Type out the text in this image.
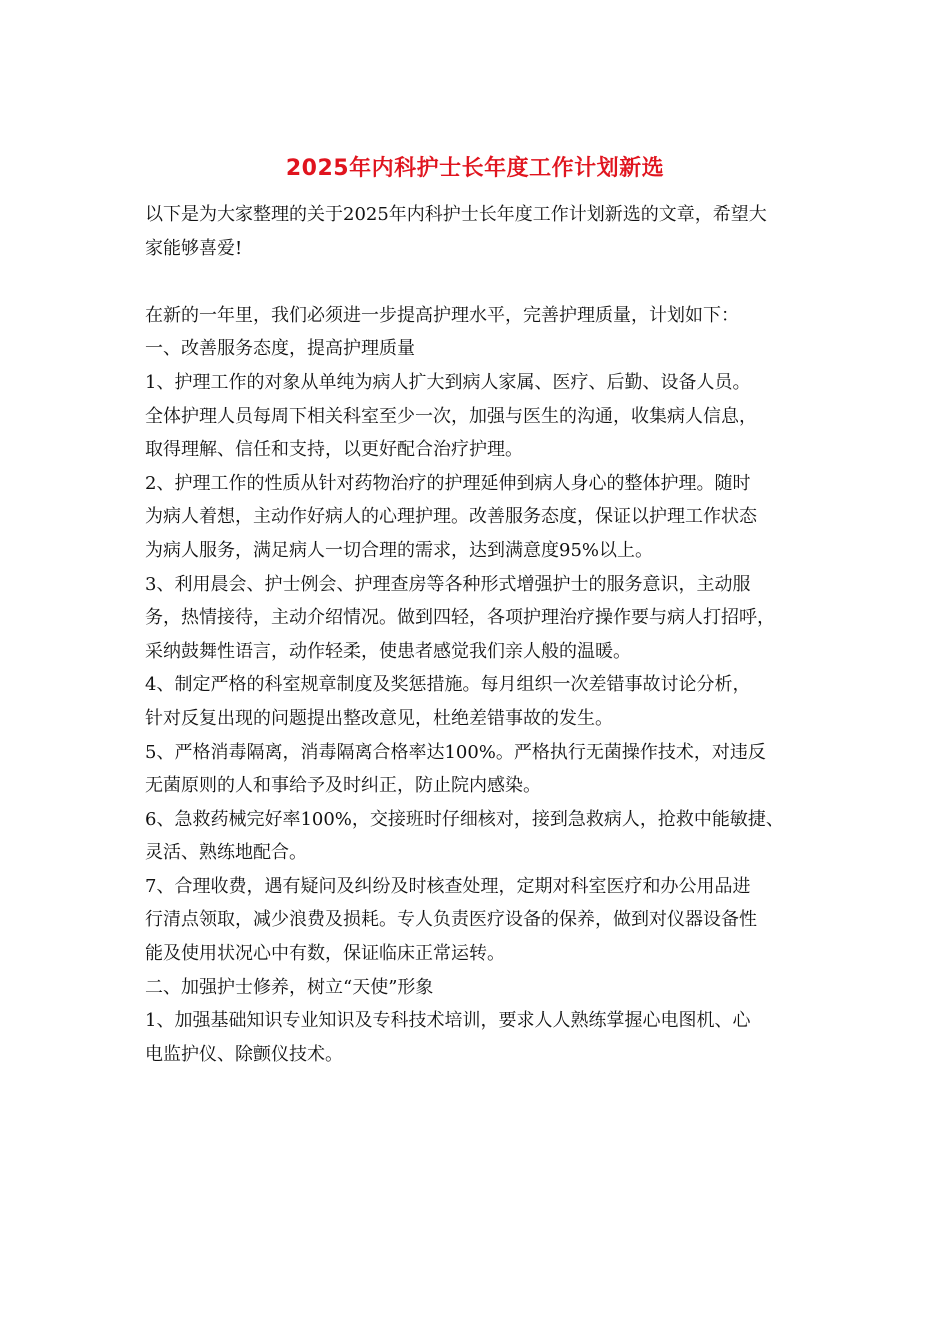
2025年内科护士长年度工作计划新选

以下是为大家整理的关于2025年内科护士长年度工作计划新选的文章，希望大
家能够喜爱!

在新的一年里，我们必须进一步提高护理水平，完善护理质量，计划如下：

一、改善服务态度，提高护理质量

1、护理工作的对象从单纯为病人扩大到病人家属、医疗、后勤、设备人员。
全体护理人员每周下相关科室至少一次，加强与医生的沟通，收集病人信息，
取得理解、信任和支持，以更好配合治疗护理。

2、护理工作的性质从针对药物治疗的护理延伸到病人身心的整体护理。随时
为病人着想，主动作好病人的心理护理。改善服务态度，保证以护理工作状态
为病人服务，满足病人一切合理的需求，达到满意度95%以上。

3、利用晨会、护士例会、护理查房等各种形式增强护士的服务意识，主动服
务，热情接待，主动介绍情况。做到四轻，各项护理治疗操作要与病人打招呼，
采纳鼓舞性语言，动作轻柔，使患者感觉我们亲人般的温暖。

4、制定严格的科室规章制度及奖惩措施。每月组织一次差错事故讨论分析，
针对反复出现的问题提出整改意见，杜绝差错事故的发生。

5、严格消毒隔离，消毒隔离合格率达100%。严格执行无菌操作技术，对违反
无菌原则的人和事给予及时纠正，防止院内感染。

6、急救药械完好率100%，交接班时仔细核对，接到急救病人，抢救中能敏捷、
灵活、熟练地配合。

7、合理收费，遇有疑问及纠纷及时核查处理，定期对科室医疗和办公用品进
行清点领取，减少浪费及损耗。专人负责医疗设备的保养，做到对仪器设备性
能及使用状况心中有数，保证临床正常运转。

二、加强护士修养，树立“天使”形象

1、加强基础知识专业知识及专科技术培训，要求人人熟练掌握心电图机、心
电监护仪、除颤仪技术。
